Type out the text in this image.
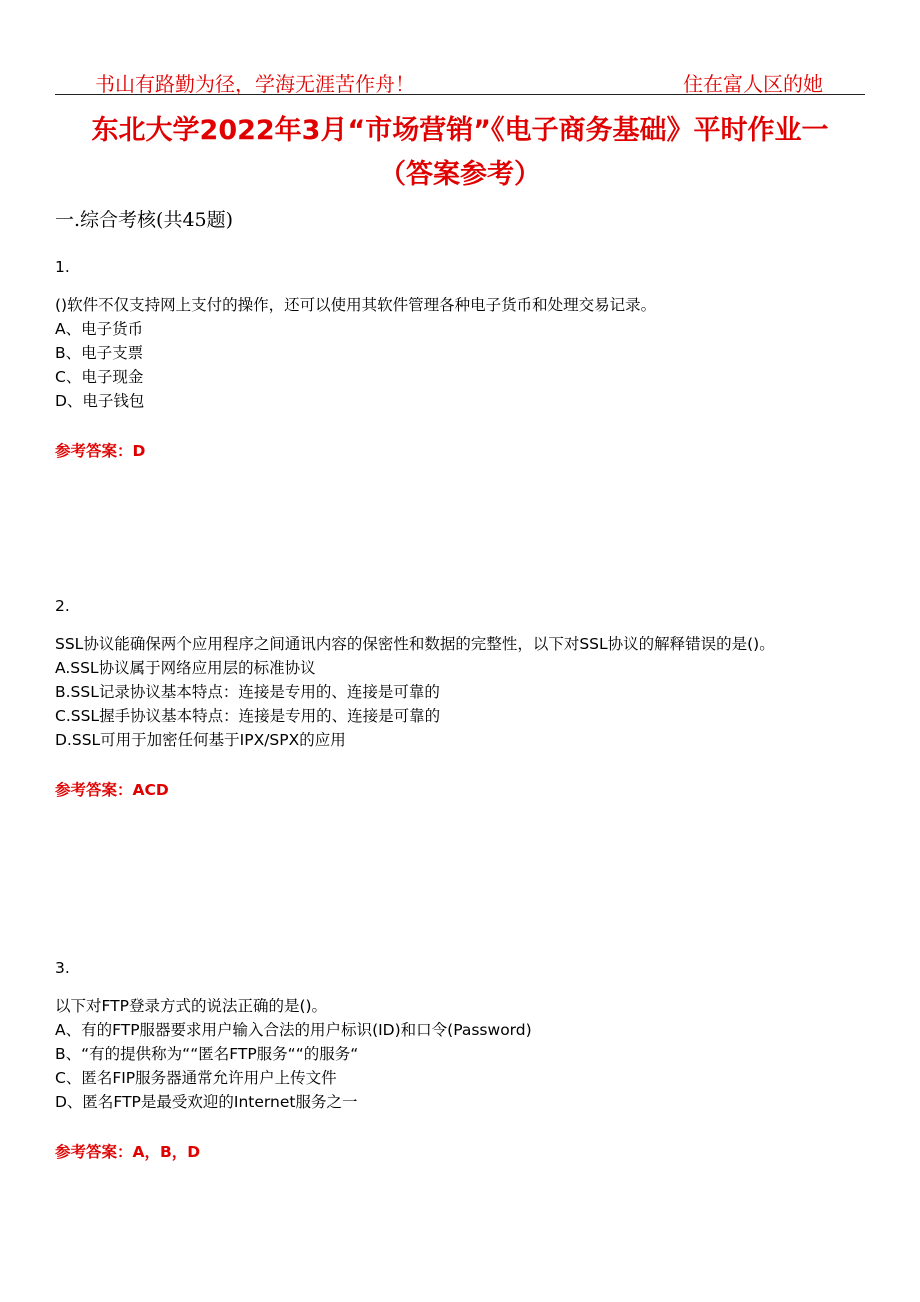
书山有路勤为径，学海无涯苦作舟！	住在富人区的她
东北大学2022年3月“市场营销”《电子商务基础》平时作业一
（答案参考）
一.综合考核(共45题)
1.
()软件不仅支持网上支付的操作，还可以使用其软件管理各种电子货币和处理交易记录。
A、电子货币
B、电子支票
C、电子现金
D、电子钱包
参考答案：D
2.
SSL协议能确保两个应用程序之间通讯内容的保密性和数据的完整性，以下对SSL协议的解释错误的是()。
A.SSL协议属于网络应用层的标准协议
B.SSL记录协议基本特点：连接是专用的、连接是可靠的
C.SSL握手协议基本特点：连接是专用的、连接是可靠的
D.SSL可用于加密任何基于IPX/SPX的应用
参考答案：ACD
3.
以下对FTP登录方式的说法正确的是()。
A、有的FTP服器要求用户输入合法的用户标识(ID)和口令(Password)
B、“有的提供称为““匿名FTP服务““的服务“
C、匿名FIP服务器通常允许用户上传文件
D、匿名FTP是最受欢迎的Internet服务之一
参考答案：A，B，D
